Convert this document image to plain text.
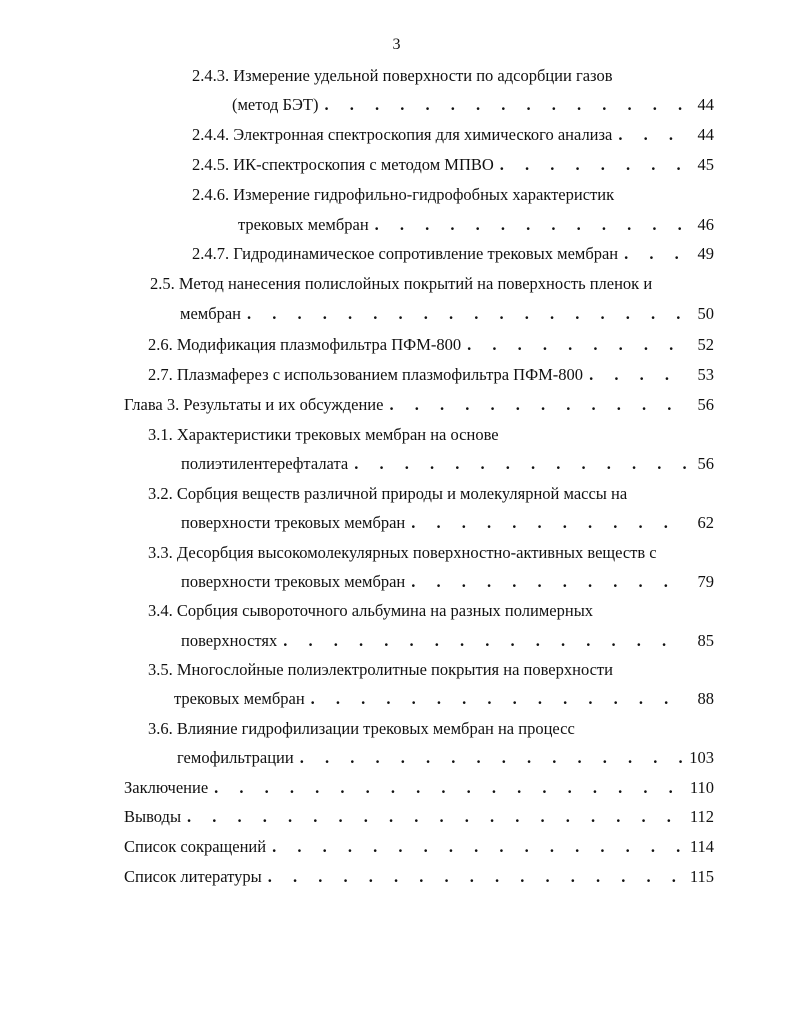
3
2.4.3. Измерение удельной поверхности по адсорбции газов
(метод БЭТ) . . .	44
2.4.4. Электронная спектроскопия для химического анализа . . .	44
2.4.5. ИК-спектроскопия с методом МПВО . . .	45
2.4.6. Измерение гидрофильно-гидрофобных характеристик
трековых мембран . . .	46
2.4.7. Гидродинамическое сопротивление трековых мембран . . .	49
2.5. Метод нанесения полислойных покрытий на поверхность пленок и
мембран . . .	50
2.6. Модификация плазмофильтра ПФМ-800 . . .	52
2.7. Плазмаферез с использованием плазмофильтра ПФМ-800 . . .	53
Глава 3. Результаты и их обсуждение . . .	56
3.1. Характеристики трековых мембран на основе
полиэтилентерефталата . . .	56
3.2. Сорбция веществ различной природы и молекулярной массы на
поверхности трековых мембран . . .	62
3.3. Десорбция высокомолекулярных поверхностно-активных веществ с
поверхности трековых мембран . . .	79
3.4. Сорбция сывороточного альбумина на разных полимерных
поверхностях . . .	85
3.5. Многослойные полиэлектролитные покрытия на поверхности
трековых мембран . . .	88
3.6. Влияние гидрофилизации трековых мембран на процесс
гемофильтрации . . .	103
Заключение . . .	110
Выводы . . .	112
Список сокращений . . .	114
Список литературы . . .	115
